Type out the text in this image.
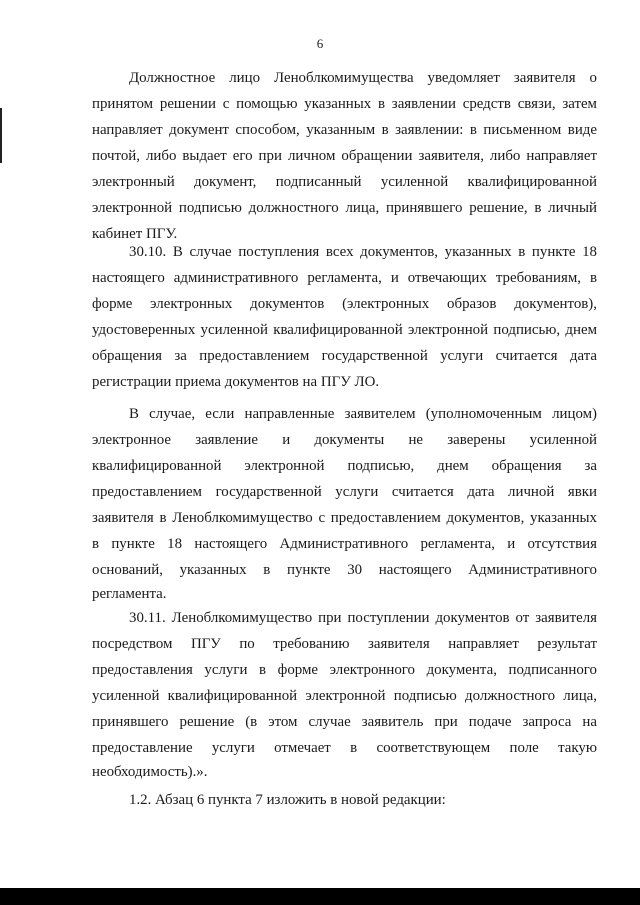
6
Должностное лицо Леноблкомимущества уведомляет заявителя о
принятом решении с помощью указанных в заявлении средств связи, затем
направляет документ способом, указанным в заявлении: в письменном виде
почтой, либо выдает его при личном обращении заявителя, либо направляет
электронный документ, подписанный усиленной квалифицированной
электронной подписью должностного лица, принявшего решение, в личный
кабинет ПГУ.
30.10. В случае поступления всех документов, указанных в пункте 18
настоящего административного регламента, и отвечающих требованиям, в
форме электронных документов (электронных образов документов),
удостоверенных усиленной квалифицированной электронной подписью, днем
обращения за предоставлением государственной услуги считается дата
регистрации приема документов на ПГУ ЛО.
В случае, если направленные заявителем (уполномоченным лицом)
электронное заявление и документы не заверены усиленной
квалифицированной электронной подписью, днем обращения за
предоставлением государственной услуги считается дата личной явки
заявителя в Леноблкомимущество с предоставлением документов, указанных
в пункте 18 настоящего Административного регламента, и отсутствия
оснований, указанных в пункте 30 настоящего Административного
регламента.
30.11. Леноблкомимущество при поступлении документов от заявителя
посредством ПГУ по требованию заявителя направляет результат
предоставления услуги в форме электронного документа, подписанного
усиленной квалифицированной электронной подписью должностного лица,
принявшего решение (в этом случае заявитель при подаче запроса на
предоставление услуги отмечает в соответствующем поле такую
необходимость).».
1.2. Абзац 6 пункта 7 изложить в новой редакции:
